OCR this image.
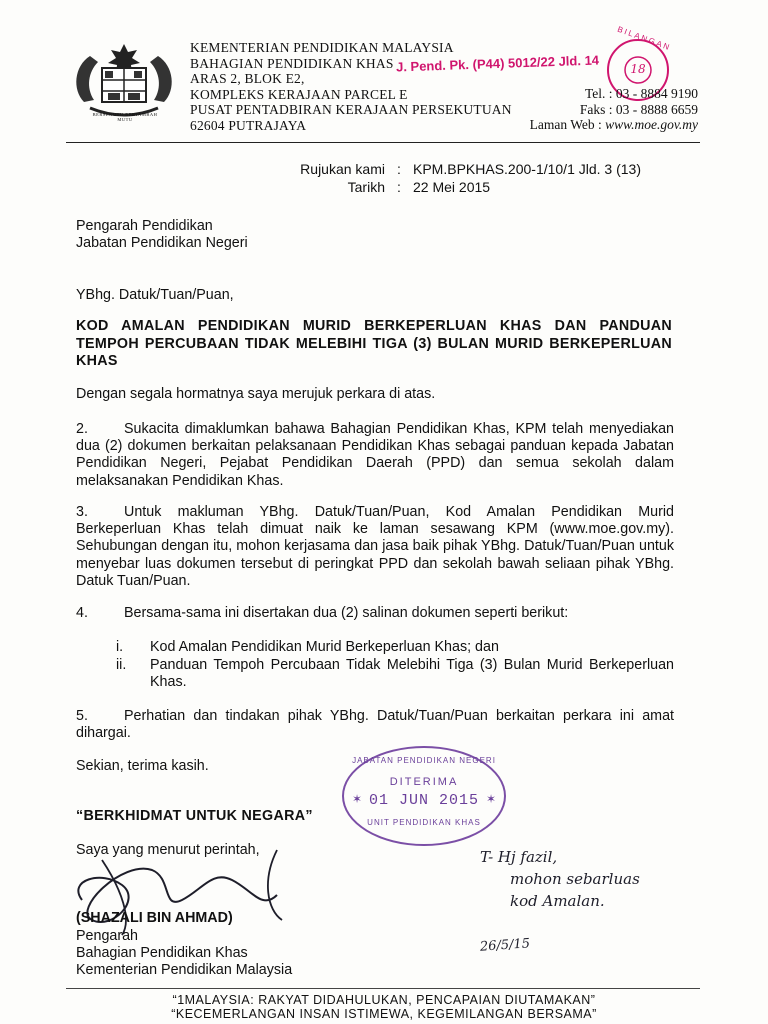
BERSEKUTU BERTAMBAH MUTU
KEMENTERIAN PENDIDIKAN MALAYSIA
BAHAGIAN PENDIDIKAN KHAS
ARAS 2, BLOK E2,
KOMPLEKS KERAJAAN PARCEL E
PUSAT PENTADBIRAN KERAJAAN PERSEKUTUAN
62604 PUTRAJAYA
J. Pend. Pk. (P44) 5012/22 Jld. 14
BILANGAN
18
Tel. : 03 - 8884 9190
Faks : 03 - 8888 6659
Laman Web : www.moe.gov.my
Rujukan kami : KPM.BPKHAS.200-1/10/1 Jld. 3 (13)
Tarikh : 22 Mei 2015
Pengarah Pendidikan
Jabatan Pendidikan Negeri
YBhg. Datuk/Tuan/Puan,
KOD AMALAN PENDIDIKAN MURID BERKEPERLUAN KHAS DAN PANDUAN TEMPOH PERCUBAAN TIDAK MELEBIHI TIGA (3) BULAN MURID BERKEPERLUAN KHAS
Dengan segala hormatnya saya merujuk perkara di atas.
2.	Sukacita dimaklumkan bahawa Bahagian Pendidikan Khas, KPM telah menyediakan dua (2) dokumen berkaitan pelaksanaan Pendidikan Khas sebagai panduan kepada Jabatan Pendidikan Negeri, Pejabat Pendidikan Daerah (PPD) dan semua sekolah dalam melaksanakan Pendidikan Khas.
3.	Untuk makluman YBhg. Datuk/Tuan/Puan, Kod Amalan Pendidikan Murid Berkeperluan Khas telah dimuat naik ke laman sesawang KPM (www.moe.gov.my). Sehubungan dengan itu, mohon kerjasama dan jasa baik pihak YBhg. Datuk/Tuan/Puan untuk menyebar luas dokumen tersebut di peringkat PPD dan sekolah bawah seliaan pihak YBhg. Datuk Tuan/Puan.
4.	Bersama-sama ini disertakan dua (2) salinan dokumen seperti berikut:
i. Kod Amalan Pendidikan Murid Berkeperluan Khas; dan
ii.	Panduan Tempoh Percubaan Tidak Melebihi Tiga (3) Bulan Murid Berkeperluan Khas.
5.	Perhatian dan tindakan pihak YBhg. Datuk/Tuan/Puan berkaitan perkara ini amat dihargai.
Sekian, terima kasih.
“BERKHIDMAT UNTUK NEGARA”
JABATAN PENDIDIKAN NEGERI
DITERIMA
01 JUN 2015
UNIT PENDIDIKAN KHAS
✶	✶
Saya yang menurut perintah,
(SHAZALI BIN AHMAD)
Pengarah
Bahagian Pendidikan Khas
Kementerian Pendidikan Malaysia
T- Hj fazil,
mohon sebarluas
kod Amalan.
26/5/15
“1MALAYSIA: RAKYAT DIDAHULUKAN, PENCAPAIAN DIUTAMAKAN”
“KECEMERLANGAN INSAN ISTIMEWA, KEGEMILANGAN BERSAMA”
